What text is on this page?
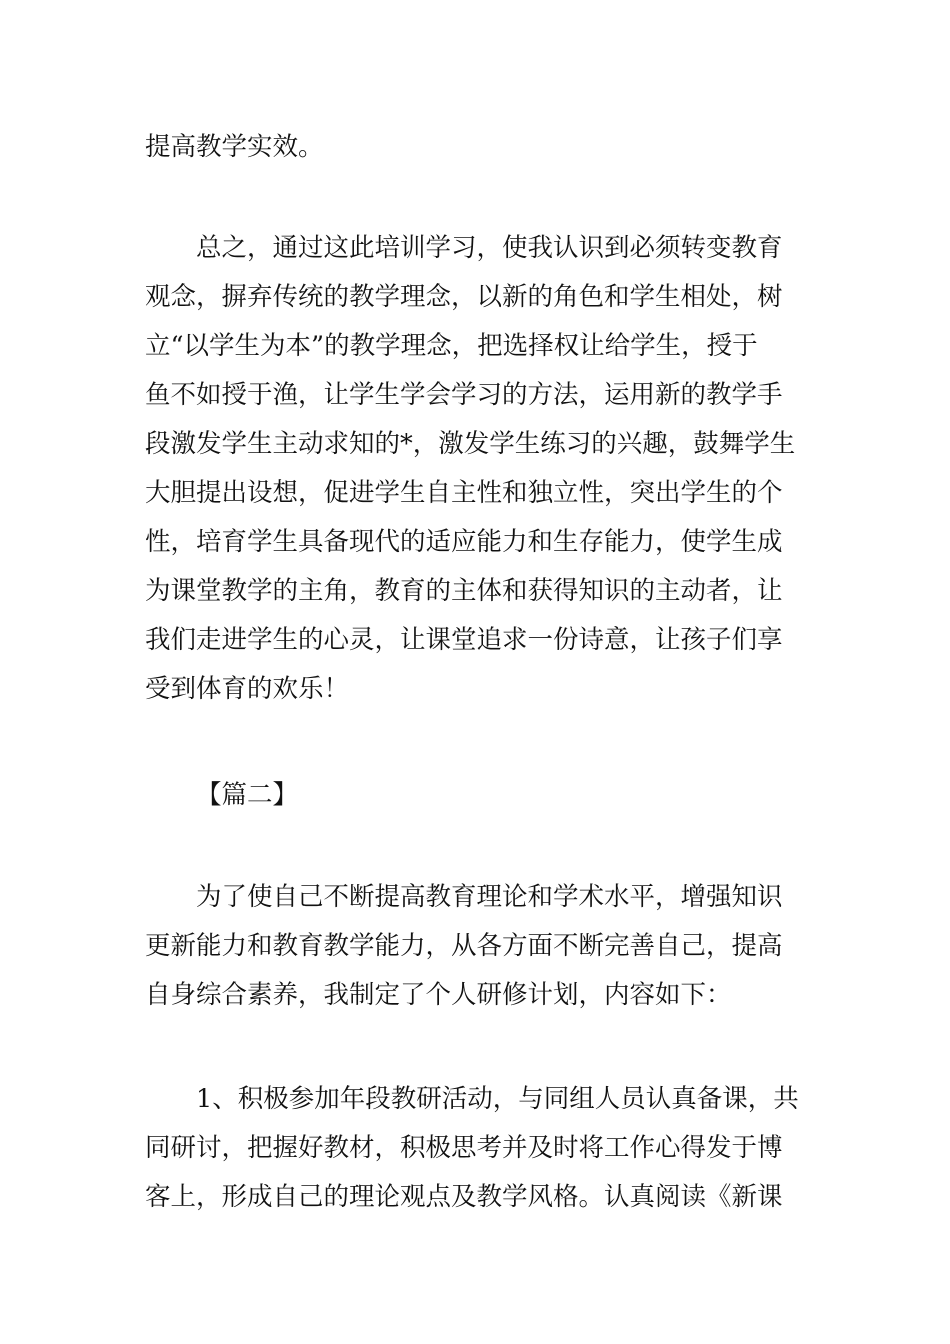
提高教学实效。
总之，通过这此培训学习，使我认识到必须转变教育
观念，摒弃传统的教学理念，以新的角色和学生相处，树
立“以学生为本”的教学理念，把选择权让给学生，授于
鱼不如授于渔，让学生学会学习的方法，运用新的教学手
段激发学生主动求知的*，激发学生练习的兴趣，鼓舞学生
大胆提出设想，促进学生自主性和独立性，突出学生的个
性，培育学生具备现代的适应能力和生存能力，使学生成
为课堂教学的主角，教育的主体和获得知识的主动者，让
我们走进学生的心灵，让课堂追求一份诗意，让孩子们享
受到体育的欢乐！
【篇二】
为了使自己不断提高教育理论和学术水平，增强知识
更新能力和教育教学能力，从各方面不断完善自己，提高
自身综合素养，我制定了个人研修计划，内容如下：
1、积极参加年段教研活动，与同组人员认真备课，共
同研讨，把握好教材，积极思考并及时将工作心得发于博
客上，形成自己的理论观点及教学风格。认真阅读《新课
